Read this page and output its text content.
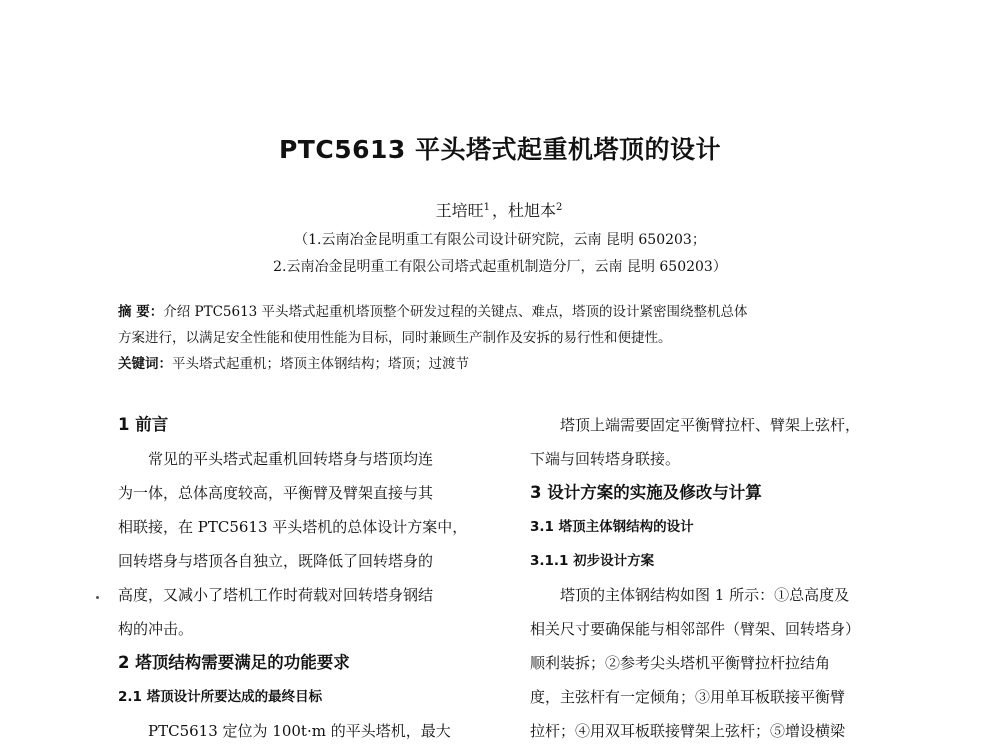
PTC5613 平头塔式起重机塔顶的设计
王培旺$^1$ ，杜旭本$^2$
（1.云南冶金昆明重工有限公司设计研究院，云南 昆明 650203；
2.云南冶金昆明重工有限公司塔式起重机制造分厂，云南 昆明 650203）
摘 要：介绍 PTC5613 平头塔式起重机塔顶整个研发过程的关键点、难点，塔顶的设计紧密围绕整机总体
方案进行，以满足安全性能和使用性能为目标，同时兼顾生产制作及安拆的易行性和便捷性。
关键词：平头塔式起重机；塔顶主体钢结构；塔顶；过渡节
1 前言
常见的平头塔式起重机回转塔身与塔顶均连
为一体，总体高度较高，平衡臂及臂架直接与其
相联接，在 PTC5613 平头塔机的总体设计方案中，
回转塔身与塔顶各自独立，既降低了回转塔身的
高度，又减小了塔机工作时荷载对回转塔身钢结
构的冲击。
2 塔顶结构需要满足的功能要求
2.1 塔顶设计所要达成的最终目标
PTC5613 定位为 100t·m 的平头塔机，最大
塔顶上端需要固定平衡臂拉杆、臂架上弦杆，
下端与回转塔身联接。
3 设计方案的实施及修改与计算
3.1 塔顶主体钢结构的设计
3.1.1 初步设计方案
塔顶的主体钢结构如图 1 所示：①总高度及
相关尺寸要确保能与相邻部件（臂架、回转塔身）
顺利装拆；②参考尖头塔机平衡臂拉杆拉结角
度，主弦杆有一定倾角；③用单耳板联接平衡臂
拉杆；④用双耳板联接臂架上弦杆；⑤增设横梁
